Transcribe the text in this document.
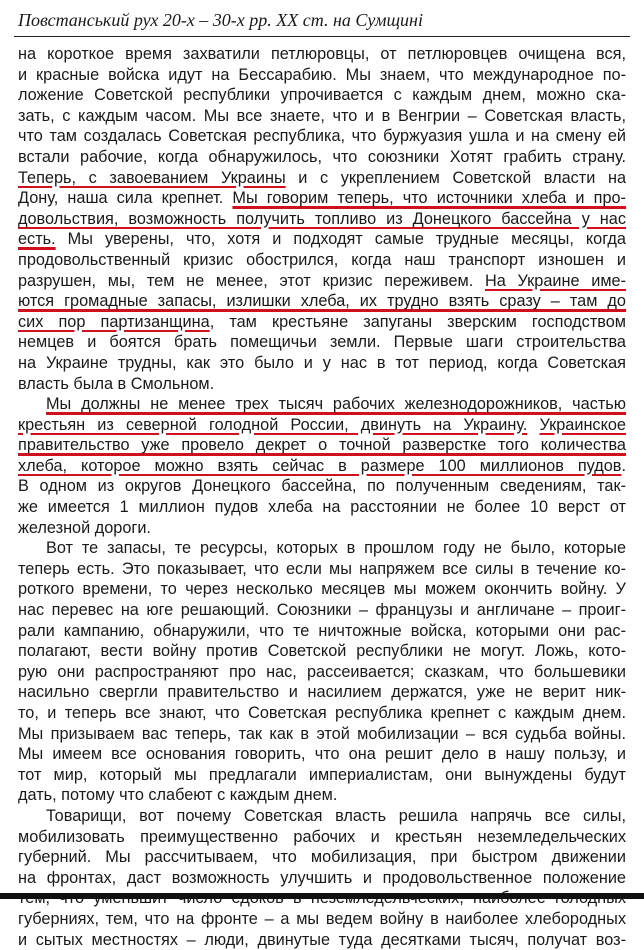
Повстанський рух 20-х – 30-х рр. XX ст. на Сумщині
на короткое время захватили петлюровцы, от петлюровцев очищена вся,
и красные войска идут на Бессарабию. Мы знаем, что международное по-
ложение Советской республики упрочивается с каждым днем, можно ска-
зать, с каждым часом. Мы все знаете, что и в Венгрии – Советская власть,
что там создалась Советская республика, что буржуазия ушла и на смену ей
встали рабочие, когда обнаружилось, что союзники Хотят грабить страну.
Теперь, с завоеванием Украины и с укреплением Советской власти на
Дону, наша сила крепнет. Мы говорим теперь, что источники хлеба и про-
довольствия, возможность получить топливо из Донецкого бассейна у нас
есть. Мы уверены, что, хотя и подходят самые трудные месяцы, когда
продовольственный кризис обострился, когда наш транспорт изношен и
разрушен, мы, тем не менее, этот кризис переживем. На Украине име-
ются громадные запасы, излишки хлеба, их трудно взять сразу – там до
сих пор партизанщина, там крестьяне запуганы зверским господством
немцев и боятся брать помещичьи земли. Первые шаги строительства
на Украине трудны, как это было и у нас в тот период, когда Советская
власть была в Смольном.
Мы должны не менее трех тысяч рабочих железнодорожников, частью
крестьян из северной голодной России, двинуть на Украину. Украинское
правительство уже провело декрет о точной разверстке того количества
хлеба, которое можно взять сейчас в размере 100 миллионов пудов.
В одном из округов Донецкого бассейна, по полученным сведениям, так-
же имеется 1 миллион пудов хлеба на расстоянии не более 10 верст от
железной дороги.
Вот те запасы, те ресурсы, которых в прошлом году не было, которые
теперь есть. Это показывает, что если мы напряжем все силы в течение ко-
роткого времени, то через несколько месяцев мы можем окончить войну. У
нас перевес на юге решающий. Союзники – французы и англичане – проиг-
рали кампанию, обнаружили, что те ничтожные войска, которыми они рас-
полагают, вести войну против Советской республики не могут. Ложь, кото-
рую они распространяют про нас, рассеивается; сказкам, что большевики
насильно свергли правительство и насилием держатся, уже не верит ник-
то, и теперь все знают, что Советская республика крепнет с каждым днем.
Мы призываем вас теперь, так как в этой мобилизации – вся судьба войны.
Мы имеем все основания говорить, что она решит дело в нашу пользу, и
тот мир, который мы предлагали империалистам, они вынуждены будут
дать, потому что слабеют с каждым днем.
Товарищи, вот почему Советская власть решила напрячь все силы,
мобилизовать преимущественно рабочих и крестьян неземледельческих
губерний. Мы рассчитываем, что мобилизация, при быстром движении
на фронтах, даст возможность улучшить и продовольственное положение
губерниях, тем, что на фронте – а мы ведем войну в наиболее хлебородных
и сытых местностях – люди, двинутые туда десятками тысяч, получат воз-
